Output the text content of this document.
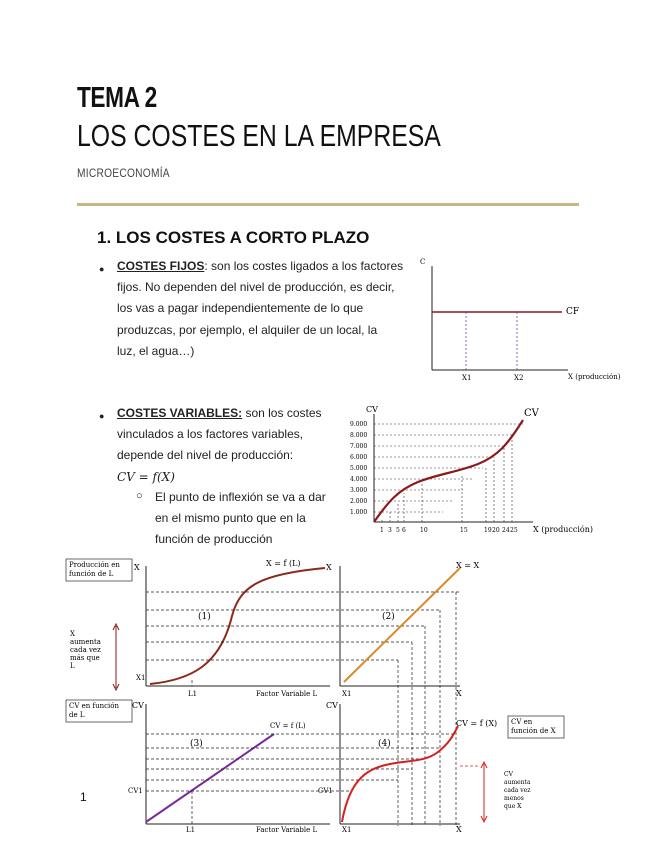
TEMA 2
LOS COSTES EN LA EMPRESA
MICROECONOMÍA
1. LOS COSTES A CORTO PLAZO
● COSTES FIJOS: son los costes ligados a los factores
fijos. No dependen del nivel de producción, es decir,
los vas a pagar independientemente de lo que
produzcas, por ejemplo, el alquiler de un local, la
luz, el agua…)
● COSTES VARIABLES: son los costes
vinculados a los factores variables,
depende del nivel de producción:
CV = f(X)
○ El punto de inflexión se va a dar
en el mismo punto que en la
función de producción
C
CF
X1	X2	X (producción)
CV
9.000
8.000
7.000
6.000
5.000
4.000
3.000
2.000
1.000
1 3 5 6 10	15	19 20 24 25
CV
X (producción)
Producción en
función de L
X = f (L)
(1)
Factor Variable L
X
L1
X1
X
aumenta
cada vez
más que
L
X = X
(2)
X
X
X1
CV en función
de L
CV = f (L)
(3)
Factor Variable L
CV
CV1
L1
CV = f (X)
(4)
CV
X
CV1
X1
CV en
función de X
CV
aumenta
cada vez
menos
que X
1
